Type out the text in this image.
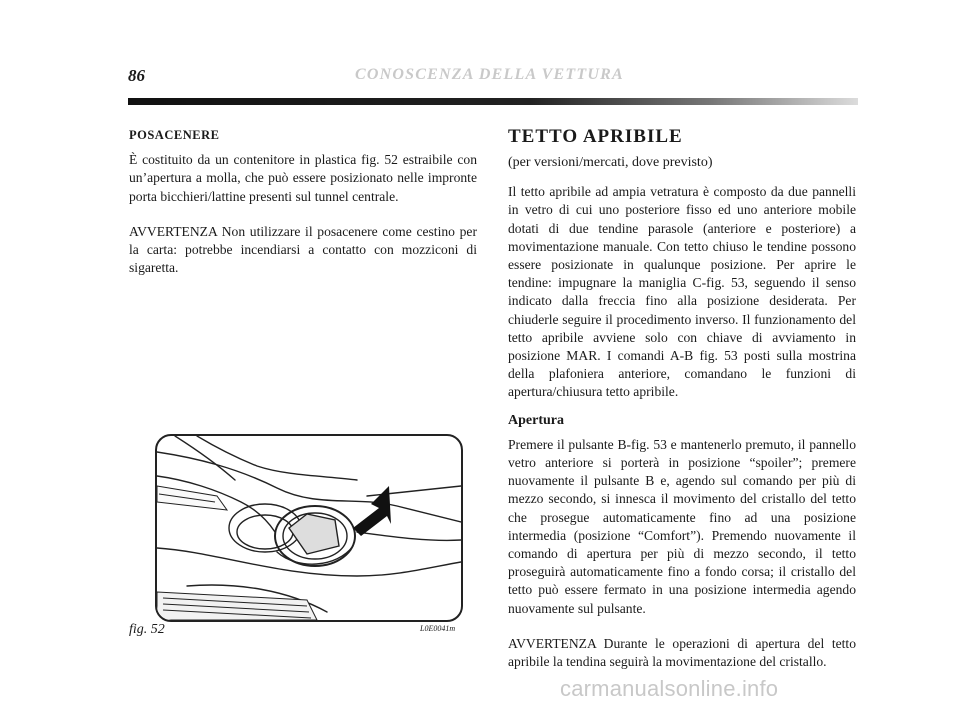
86	CONOSCENZA DELLA VETTURA

POSACENERE

È costituito da un contenitore in plastica fig. 52 estraibile con un’apertura a molla, che può essere posizionato nelle impronte porta bicchieri/lattine presenti sul tunnel centrale.

AVVERTENZA Non utilizzare il posacenere come cestino per la carta: potrebbe incendiarsi a contatto con mozziconi di sigaretta.

fig. 52	L0E0041m

TETTO APRIBILE

(per versioni/mercati, dove previsto)

Il tetto apribile ad ampia vetratura è composto da due pannelli in vetro di cui uno posteriore fisso ed uno anteriore mobile dotati di due tendine parasole (anteriore e posteriore) a movimentazione manuale. Con tetto chiuso le tendine possono essere posizionate in qualunque posizione. Per aprire le tendine: impugnare la maniglia C-fig. 53, seguendo il senso indicato dalla freccia fino alla posizione desiderata. Per chiuderle seguire il procedimento inverso. Il funzionamento del tetto apribile avviene solo con chiave di avviamento in posizione MAR. I comandi A-B fig. 53 posti sulla mostrina della plafoniera anteriore, comandano le funzioni di apertura/chiusura tetto apribile.

Apertura

Premere il pulsante B-fig. 53 e mantenerlo premuto, il pannello vetro anteriore si porterà in posizione “spoiler”; premere nuovamente il pulsante B e, agendo sul comando per più di mezzo secondo, si innesca il movimento del cristallo del tetto che prosegue automaticamente fino ad una posizione intermedia (posizione “Comfort”). Premendo nuovamente il comando di apertura per più di mezzo secondo, il tetto proseguirà automaticamente fino a fondo corsa; il cristallo del tetto può essere fermato in una posizione intermedia agendo nuovamente sul pulsante.

AVVERTENZA Durante le operazioni di apertura del tetto apribile la tendina seguirà la movimentazione del cristallo.

carmanualsonline.info
